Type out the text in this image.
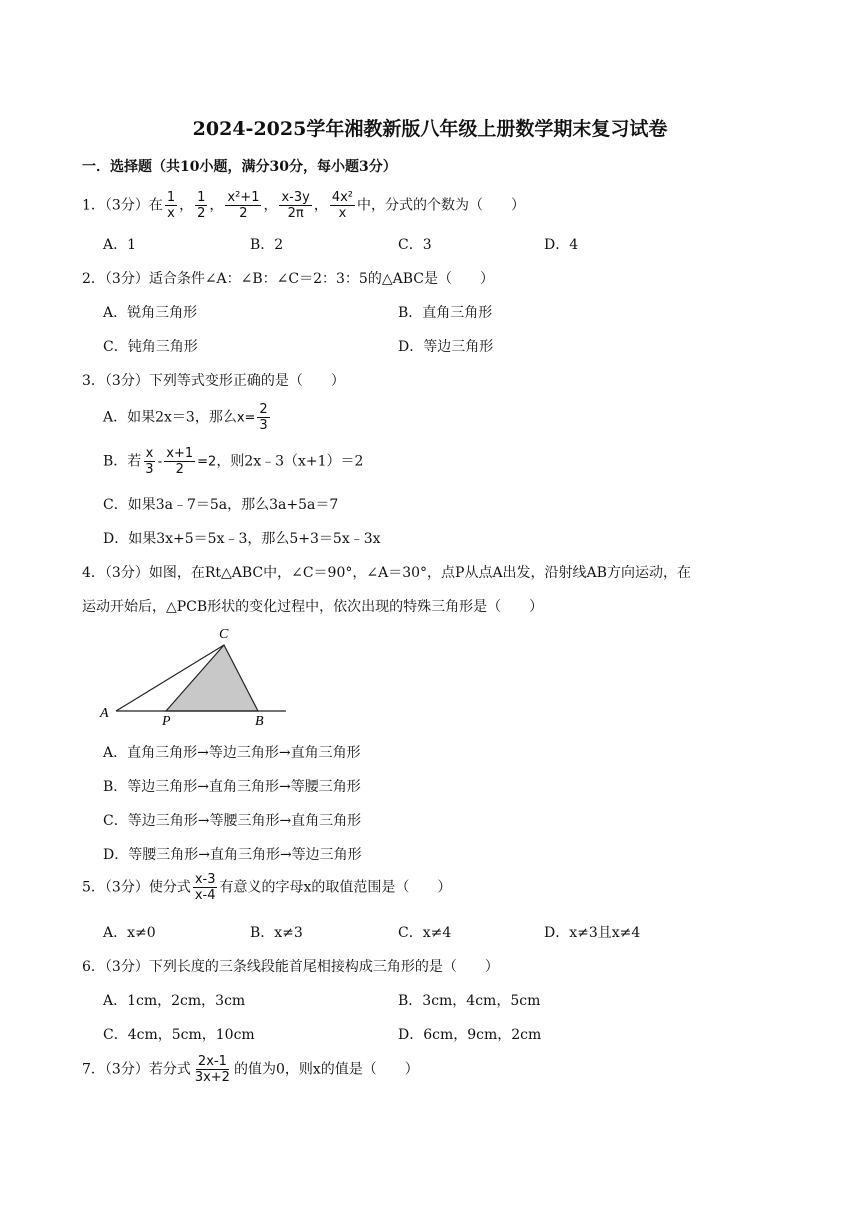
2024-2025学年湘教新版八年级上册数学期末复习试卷
一．选择题（共10小题，满分30分，每小题3分）
1．（3分）在 $\frac{1}{x}$ ， $\frac{1}{2}$ ， $\frac{\text{x²+1}}{2}$ ， $\frac{x-3y}{2\pi}$ ， $\frac{\text{4x²}}{x}$ 中，分式的个数为（　　）
A．1	B．2	C．3	D．4
2．（3分）适合条件∠A：∠B：∠C＝2：3：5的△ABC是（　　）
A．锐角三角形	B．直角三角形
C．钝角三角形	D．等边三角形
3．（3分）下列等式变形正确的是（　　）
A．如果2x＝3，那么$x= \frac{2}{3}$
B．若 $\frac{x}{3} - \frac{x+1}{2} =2$，则2x﹣3（x+1）＝2
C．如果3a﹣7＝5a，那么3a+5a＝7
D．如果3x+5＝5x﹣3，那么5+3＝5x﹣3x
4．（3分）如图，在Rt△ABC中，∠C＝90°，∠A＝30°，点P从点A出发，沿射线AB方向运动，在
运动开始后，△PCB形状的变化过程中，依次出现的特殊三角形是（　　）
A
P	B
C
A．直角三角形→等边三角形→直角三角形
B．等边三角形→直角三角形→等腰三角形
C．等边三角形→等腰三角形→直角三角形
D．等腰三角形→直角三角形→等边三角形
5．（3分）使分式 $\frac{x-3}{x-4}$ 有意义的字母x的取值范围是（　　）
A．x≠0	B．x≠3	C．x≠4	D．x≠3且x≠4
6．（3分）下列长度的三条线段能首尾相接构成三角形的是（　　）
A．1cm，2cm，3cm	B．3cm，4cm，5cm
C．4cm，5cm，10cm	D．6cm，9cm，2cm
7．（3分）若分式 $\frac{2x-1}{3x+2}$ 的值为0，则x的值是（　　）
